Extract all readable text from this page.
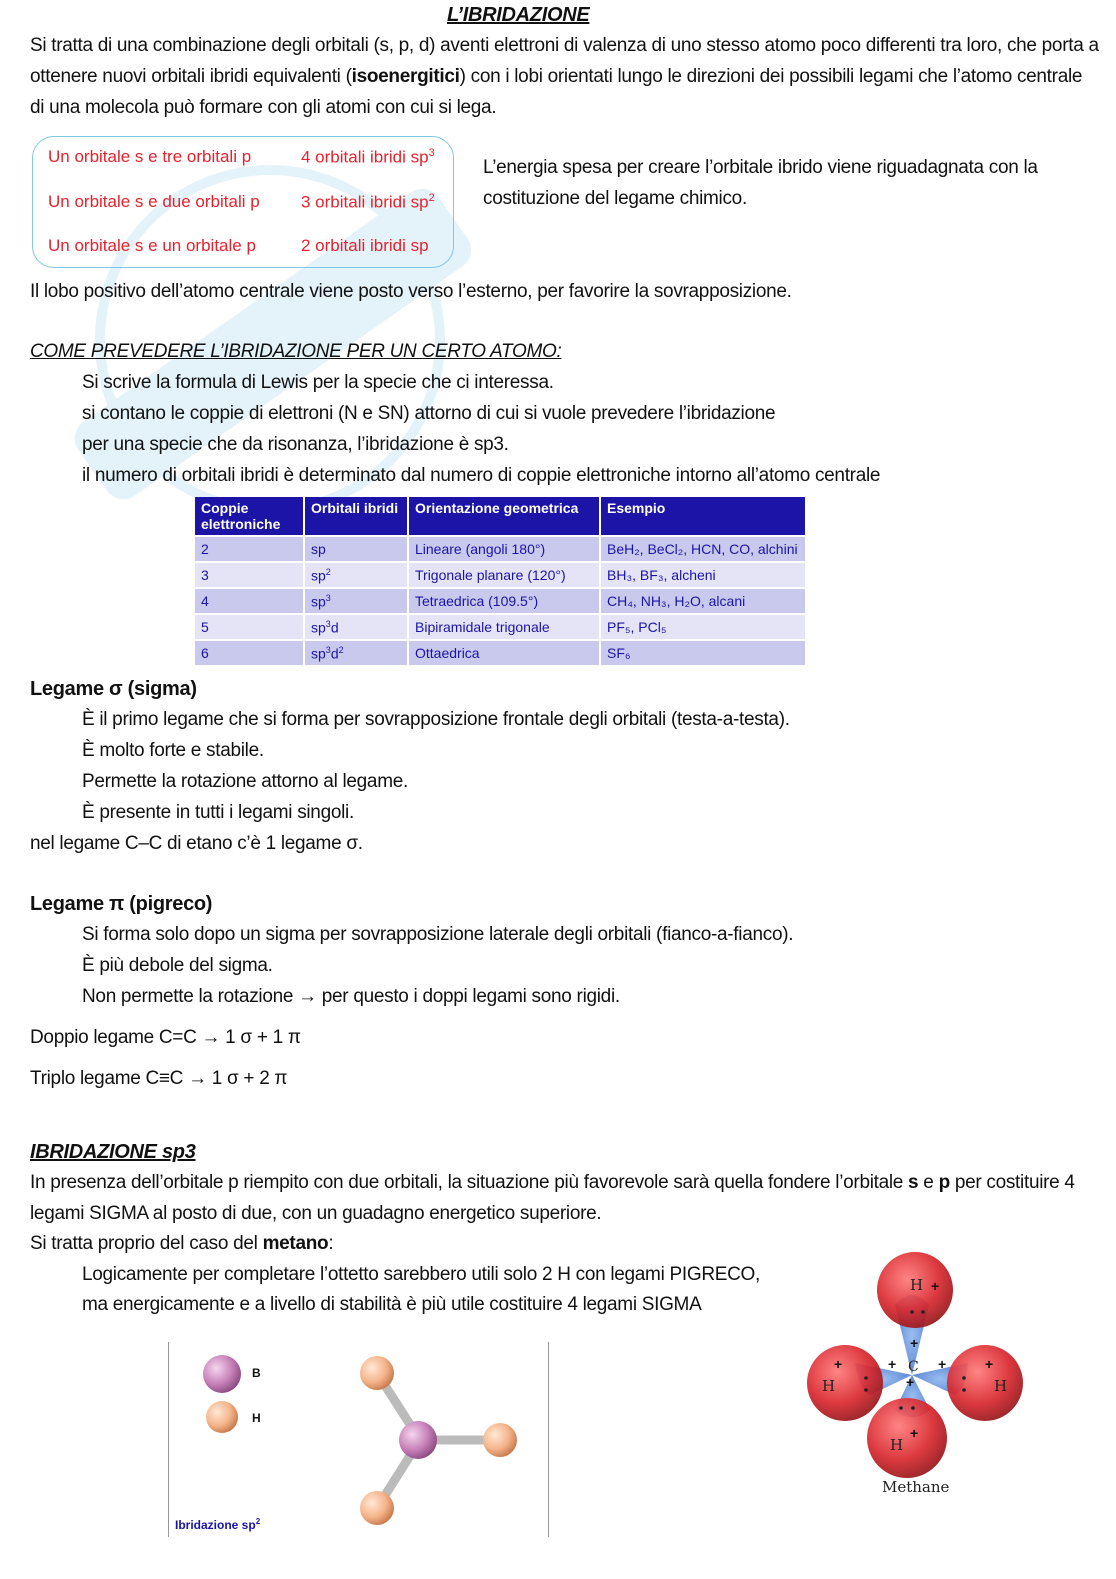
L’IBRIDAZIONE
Si tratta di una combinazione degli orbitali (s, p, d) aventi elettroni di valenza di uno stesso atomo poco differenti tra loro, che porta a
ottenere nuovi orbitali ibridi equivalenti (isoenergitici) con i lobi orientati lungo le direzioni dei possibili legami che l’atomo centrale
di una molecola può formare con gli atomi con cui si lega.
Un orbitale s e tre orbitali p	4 orbitali ibridi $sp^3$
Un orbitale s e due orbitali p 3 orbitali ibridi $sp^2$
Un orbitale s e un orbitale p	2 orbitali ibridi sp
L’energia spesa per creare l’orbitale ibrido viene riguadagnata con la
costituzione del legame chimico.
Il lobo positivo dell’atomo centrale viene posto verso l’esterno, per favorire la sovrapposizione.
COME PREVEDERE L’IBRIDAZIONE PER UN CERTO ATOMO:
Si scrive la formula di Lewis per la specie che ci interessa.
si contano le coppie di elettroni (N e SN) attorno di cui si vuole prevedere l’ibridazione
per una specie che da risonanza, l’ibridazione è sp3.
il numero di orbitali ibridi è determinato dal numero di coppie elettroniche intorno all’atomo centrale
Coppie elettroniche	Orbitali ibridi	Orientazione geometrica	Esempio
2	sp	Lineare (angoli 180°)	BeH₂, BeCl₂, HCN, CO, alchini
3	$sp^2$	Trigonale planare (120°)	BH₃, BF₃, alcheni
4	$sp^3$	Tetraedrica (109.5°)	CH₄, NH₃, H₂O, alcani
5	$sp^3d$	Bipiramidale trigonale	PF₅, PCl₅
6	$sp^3d^2$	Ottaedrica	SF₆
Legame σ (sigma)
È il primo legame che si forma per sovrapposizione frontale degli orbitali (testa-a-testa).
È molto forte e stabile.
Permette la rotazione attorno al legame.
È presente in tutti i legami singoli.
nel legame C–C di etano c’è 1 legame σ.
Legame π (pigreco)
Si forma solo dopo un sigma per sovrapposizione laterale degli orbitali (fianco-a-fianco).
È più debole del sigma.
Non permette la rotazione → per questo i doppi legami sono rigidi.
Doppio legame C=C → 1 σ + 1 π
Triplo legame C≡C → 1 σ + 2 π
IBRIDAZIONE sp3
In presenza dell’orbitale p riempito con due orbitali, la situazione più favorevole sarà quella fondere l’orbitale s e p per costituire 4
legami SIGMA al posto di due, con un guadagno energetico superiore.
Si tratta proprio del caso del metano:
Logicamente per completare l’ottetto sarebbero utili solo 2 H con legami PIGRECO,
ma energicamente e a livello di stabilità è più utile costituire 4 legami SIGMA
B
H
Ibridazione $sp^2$
H
H	H
H
C
+
+
+	+	+	+
+
+
Methane
